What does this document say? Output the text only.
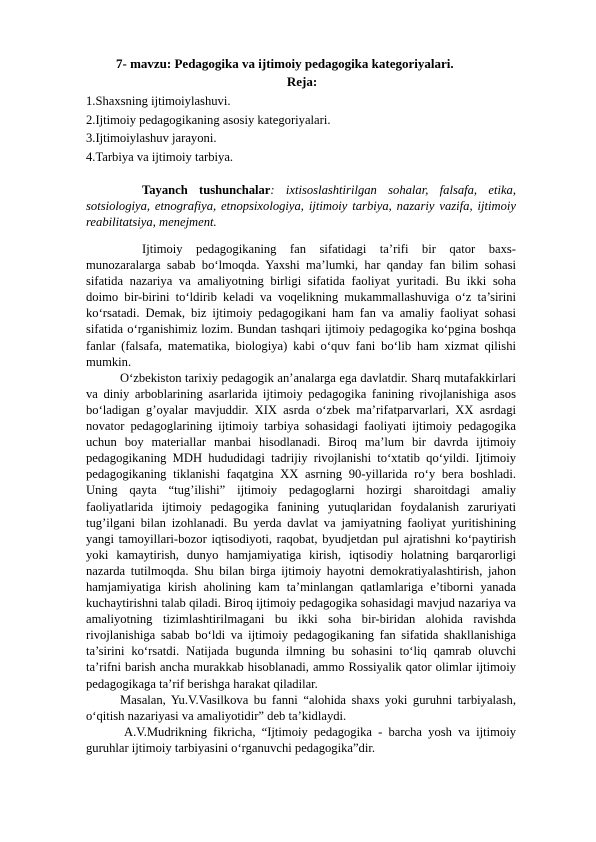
7- mavzu: Pedagogika va ijtimoiy pedagogika kategoriyalari.
Reja:
1.Shaxsning ijtimoiylashuvi.
2.Ijtimoiy pedagogikaning asosiy kategoriyalari.
3.Ijtimoiylashuv jarayoni.
4.Tarbiya va ijtimoiy tarbiya.
Tayanch tushunchalar: ixtisoslashtirilgan sohalar, falsafa, etika, sotsiologiya, etnografiya, etnopsixologiya, ijtimoiy tarbiya, nazariy vazifa, ijtimoiy reabilitatsiya, menejment.

Ijtimoiy pedagogikaning fan sifatidagi ta’rifi bir qator baxs-munozaralarga sabab bo‘lmoqda. Yaxshi ma’lumki, har qanday fan bilim sohasi sifatida nazariya va amaliyotning birligi sifatida faoliyat yuritadi. Bu ikki soha doimo bir-birini to‘ldirib keladi va voqelikning mukammallashuviga o‘z ta’sirini ko‘rsatadi. Demak, biz ijtimoiy pedagogikani ham fan va amaliy faoliyat sohasi sifatida o‘rganishimiz lozim. Bundan tashqari ijtimoiy pedagogika ko‘pgina boshqa fanlar (falsafa, matematika, biologiya) kabi o‘quv fani bo‘lib ham xizmat qilishi mumkin.

O‘zbekiston tarixiy pedagogik an’analarga ega davlatdir. Sharq mutafakkirlari va diniy arboblarining asarlarida ijtimoiy pedagogika fanining rivojlanishiga asos bo‘ladigan g’oyalar mavjuddir. XIX asrda o‘zbek ma’rifatparvarlari, XX asrdagi novator pedagoglarining ijtimoiy tarbiya sohasidagi faoliyati ijtimoiy pedagogika uchun boy materiallar manbai hisodlanadi. Biroq ma’lum bir davrda ijtimoiy pedagogikaning MDH hududidagi tadrijiy rivojlanishi to‘xtatib qo‘yildi. Ijtimoiy pedagogikaning tiklanishi faqatgina XX asrning 90-yillarida ro‘y bera boshladi. Uning qayta “tug’ilishi” ijtimoiy pedagoglarni hozirgi sharoitdagi amaliy faoliyatlarida ijtimoiy pedagogika fanining yutuqlaridan foydalanish zaruriyati tug’ilgani bilan izohlanadi. Bu yerda davlat va jamiyatning faoliyat yuritishining yangi tamoyillari-bozor iqtisodiyoti, raqobat, byudjetdan pul ajratishni ko‘paytirish yoki kamaytirish, dunyo hamjamiyatiga kirish, iqtisodiy holatning barqarorligi nazarda tutilmoqda. Shu bilan birga ijtimoiy hayotni demokratiyalashtirish, jahon hamjamiyatiga kirish aholining kam ta’minlangan qatlamlariga e’tiborni yanada kuchaytirishni talab qiladi. Biroq ijtimoiy pedagogika sohasidagi mavjud nazariya va amaliyotning tizimlashtirilmagani bu ikki soha bir-biridan alohida ravishda rivojlanishiga sabab bo‘ldi va ijtimoiy pedagogikaning fan sifatida shakllanishiga ta’sirini ko‘rsatdi. Natijada bugunda ilmning bu sohasini to‘liq qamrab oluvchi ta’rifni barish ancha murakkab hisoblanadi, ammo Rossiyalik qator olimlar ijtimoiy pedagogikaga ta’rif berishga harakat qiladilar.

Masalan, Yu.V.Vasilkova bu fanni “alohida shaxs yoki guruhni tarbiyalash, o‘qitish nazariyasi va amaliyotidir” deb ta’kidlaydi.

A.V.Mudrikning fikricha, “Ijtimoiy pedagogika - barcha yosh va ijtimoiy guruhlar ijtimoiy tarbiyasini o‘rganuvchi pedagogika”dir.
